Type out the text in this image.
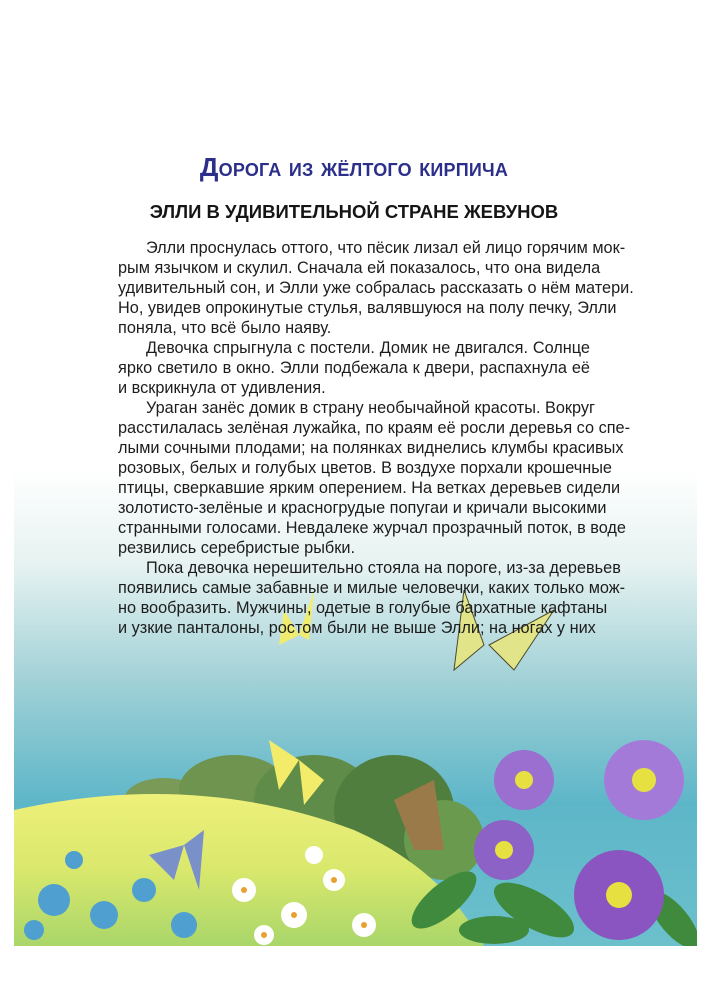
Дорога из жёлтого кирпича
ЭЛЛИ В УДИВИТЕЛЬНОЙ СТРАНЕ ЖЕВУНОВ
Элли проснулась оттого, что пёсик лизал ей лицо горячим мок-
рым язычком и скулил. Сначала ей показалось, что она видела
удивительный сон, и Элли уже собралась рассказать о нём матери.
Но, увидев опрокинутые стулья, валявшуюся на полу печку, Элли
поняла, что всё было наяву.
Девочка спрыгнула с постели. Домик не двигался. Солнце
ярко светило в окно. Элли подбежала к двери, распахнула её
и вскрикнула от удивления.
Ураган занёс домик в страну необычайной красоты. Вокруг
расстилалась зелёная лужайка, по краям её росли деревья со спе-
лыми сочными плодами; на полянках виднелись клумбы красивых
розовых, белых и голубых цветов. В воздухе порхали крошечные
птицы, сверкавшие ярким оперением. На ветках деревьев сидели
золотисто-зелёные и красногрудые попугаи и кричали высокими
странными голосами. Невдалеке журчал прозрачный поток, в воде
резвились серебристые рыбки.
Пока девочка нерешительно стояла на пороге, из-за деревьев
появились самые забавные и милые человечки, каких только мож-
но вообразить. Мужчины, одетые в голубые бархатные кафтаны
и узкие панталоны, ростом были не выше Элли; на ногах у них
